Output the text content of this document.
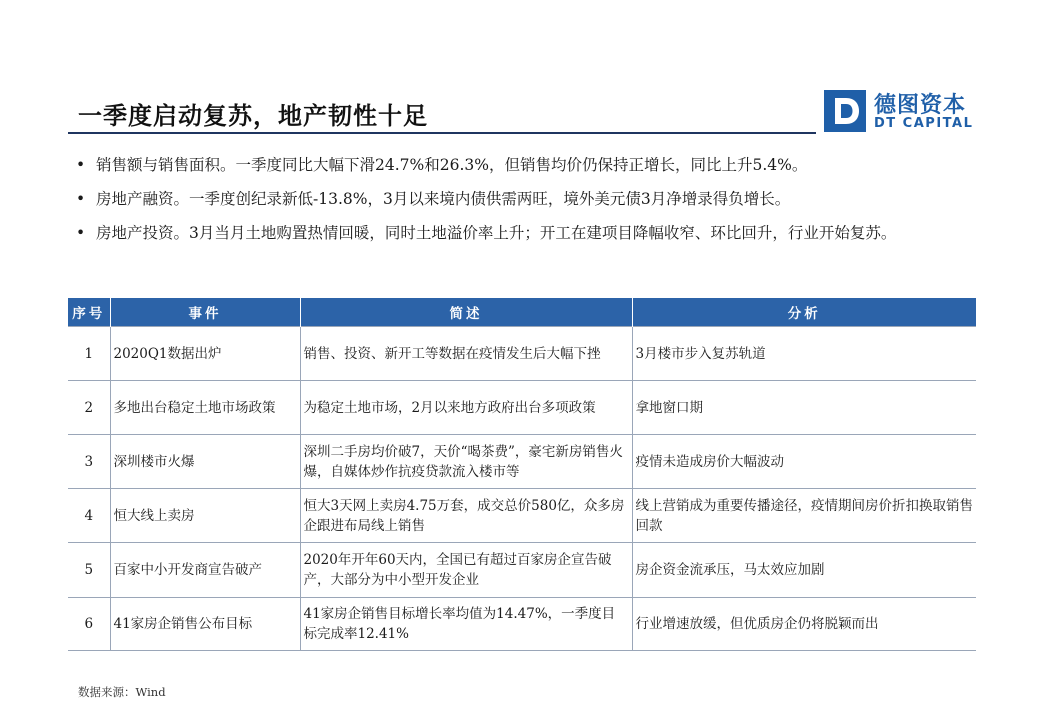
一季度启动复苏，地产韧性十足	德图资本
DT CAPITAL
• 销售额与销售面积。一季度同比大幅下滑24.7%和26.3%，但销售均价仍保持正增长，同比上升5.4%。
• 房地产融资。一季度创纪录新低-13.8%，3月以来境内债供需两旺，境外美元债3月净增录得负增长。
• 房地产投资。3月当月土地购置热情回暖，同时土地溢价率上升；开工在建项目降幅收窄、环比回升，行业开始复苏。
序号	事件	简述	分析
1	2020Q1数据出炉	销售、投资、新开工等数据在疫情发生后大幅下挫	3月楼市步入复苏轨道
2	多地出台稳定土地市场政策	为稳定土地市场，2月以来地方政府出台多项政策	拿地窗口期
3	深圳楼市火爆	深圳二手房均价破7，天价“喝茶费”，豪宅新房销售火爆，自媒体炒作抗疫贷款流入楼市等	疫情未造成房价大幅波动
4	恒大线上卖房	恒大3天网上卖房4.75万套，成交总价580亿，众多房企跟进布局线上销售	线上营销成为重要传播途径，疫情期间房价折扣换取销售回款
5	百家中小开发商宣告破产	2020年开年60天内，全国已有超过百家房企宣告破产，大部分为中小型开发企业	房企资金流承压，马太效应加剧
6	41家房企销售公布目标	41家房企销售目标增长率均值为14.47%，一季度目标完成率12.41%	行业增速放缓，但优质房企仍将脱颖而出
数据来源：Wind
